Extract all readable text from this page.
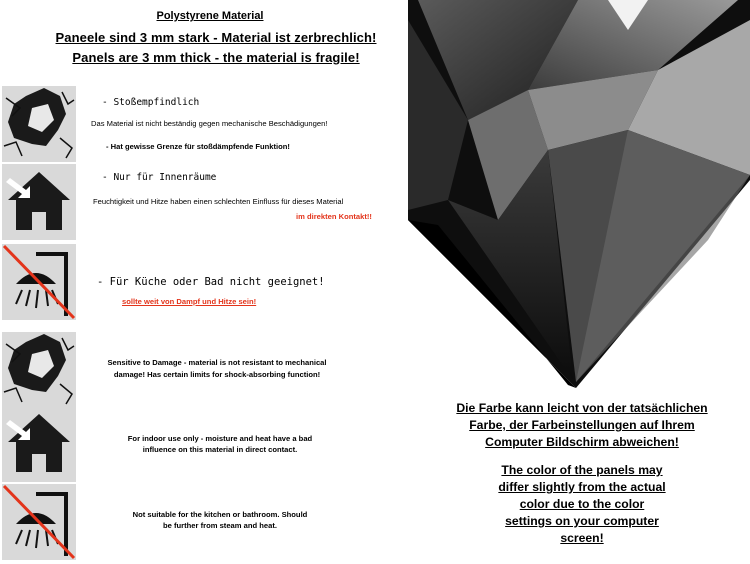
Polystyrene Material
Paneele sind 3 mm stark - Material ist zerbrechlich!
Panels are 3 mm thick - the material is fragile!
- Stoßempfindlich
Das Material ist nicht beständig gegen mechanische Beschädigungen!
- Hat gewisse Grenze für stoßdämpfende Funktion!
- Nur für Innenräume
Feuchtigkeit und Hitze haben einen schlechten Einfluss für dieses Material
im direkten Kontakt!!
- Für Küche oder Bad nicht geeignet!
sollte weit von Dampf und Hitze sein!
Sensitive to Damage - material is not resistant to mechanical
damage! Has certain limits for shock-absorbing function!
For indoor use only - moisture and heat have a bad
influence on this material in direct contact.
Not suitable for the kitchen or bathroom. Should
be further from steam and heat.
Die Farbe kann leicht von der tatsächlichen
Farbe, der Farbeinstellungen auf Ihrem
Computer Bildschirm abweichen!
The color of the panels may
differ slightly from the actual
color due to the color
settings on your computer
screen!
